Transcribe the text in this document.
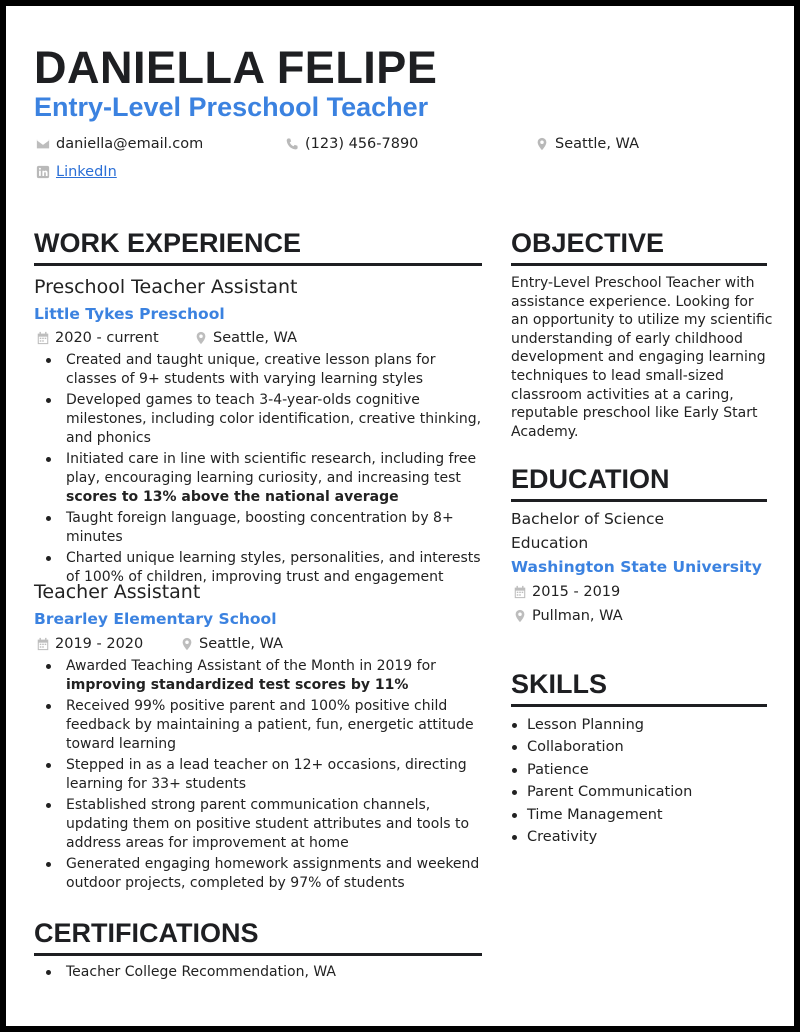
DANIELLA FELIPE
Entry-Level Preschool Teacher
daniella@email.com	(123) 456-7890	Seattle, WA
LinkedIn
WORK EXPERIENCE
Preschool Teacher Assistant
Little Tykes Preschool
2020 - current	Seattle, WA
Created and taught unique, creative lesson plans for classes of 9+ students with varying learning styles
Developed games to teach 3-4-year-olds cognitive milestones, including color identification, creative thinking, and phonics
Initiated care in line with scientific research, including free play, encouraging learning curiosity, and increasing test scores to 13% above the national average
Taught foreign language, boosting concentration by 8+ minutes
Charted unique learning styles, personalities, and interests of 100% of children, improving trust and engagement
Teacher Assistant
Brearley Elementary School
2019 - 2020	Seattle, WA
Awarded Teaching Assistant of the Month in 2019 for improving standardized test scores by 11%
Received 99% positive parent and 100% positive child feedback by maintaining a patient, fun, energetic attitude toward learning
Stepped in as a lead teacher on 12+ occasions, directing learning for 33+ students
Established strong parent communication channels, updating them on positive student attributes and tools to address areas for improvement at home
Generated engaging homework assignments and weekend outdoor projects, completed by 97% of students
CERTIFICATIONS
Teacher College Recommendation, WA
OBJECTIVE
Entry-Level Preschool Teacher with assistance experience. Looking for an opportunity to utilize my scientific understanding of early childhood development and engaging learning techniques to lead small-sized classroom activities at a caring, reputable preschool like Early Start Academy.
EDUCATION
Bachelor of Science
Education
Washington State University
2015 - 2019
Pullman, WA
SKILLS
Lesson Planning
Collaboration
Patience
Parent Communication
Time Management
Creativity
